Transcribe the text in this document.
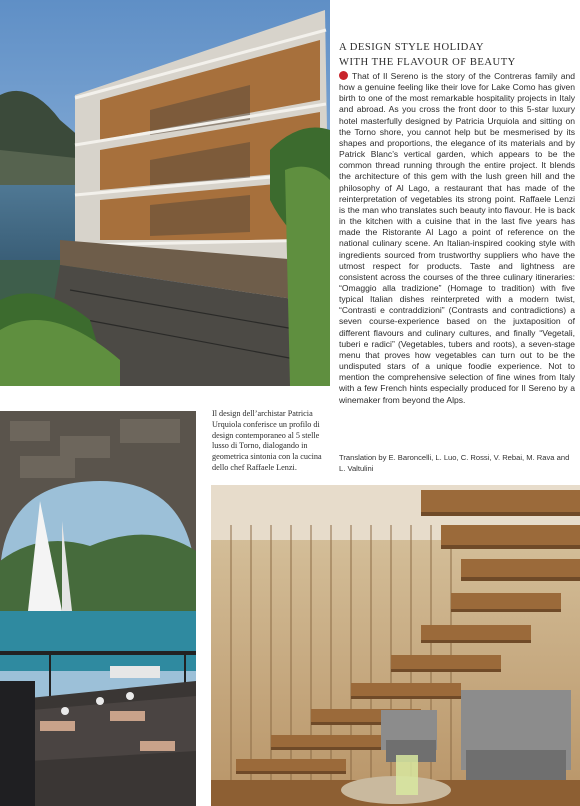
A DESIGN STYLE HOLIDAY
WITH THE FLAVOUR OF BEAUTY

That of Il Sereno is the story of the Contreras family and how a genuine feeling like their love for Lake Como has given birth to one of the most remarkable hospitality projects in Italy and abroad. As you cross the front door to this 5-star luxury hotel masterfully designed by Patricia Urquiola and sitting on the Torno shore, you cannot help but be mesmerised by its shapes and proportions, the elegance of its materials and by Patrick Blanc’s vertical garden, which appears to be the common thread running through the entire project. It blends the architecture of this gem with the lush green hill and the philosophy of Al Lago, a restaurant that has made of the reinterpretation of vegetables its strong point. Raffaele Lenzi is the man who translates such beauty into flavour. He is back in the kitchen with a cuisine that in the last five years has made the Ristorante Al Lago a point of reference on the national culinary scene. An Italian-inspired cooking style with ingredients sourced from trustworthy suppliers who have the utmost respect for products. Taste and lightness are consistent across the courses of the three culinary itineraries: “Omaggio alla tradizione” (Homage to tradition) with five typical Italian dishes reinterpreted with a modern twist, “Contrasti e contraddizioni” (Contrasts and contradictions) a seven course-experience based on the juxtaposition of different flavours and culinary cultures, and finally “Vegetali, tuberi e radici” (Vegetables, tubers and roots), a seven-stage menu that proves how vegetables can turn out to be the undisputed stars of a unique foodie experience. Not to mention the comprehensive selection of fine wines from Italy with a few French hints especially produced for Il Sereno by a winemaker from beyond the Alps.

Translation by E. Baroncelli, L. Luo, C. Rossi, V. Rebai, M. Rava and L. Valtulini

Il design dell’archistar Patricia Urquiola conferisce un profilo di design contemporaneo al 5 stelle lusso di Torno, dialogando in geometrica sintonia con la cucina dello chef Raffaele Lenzi.
